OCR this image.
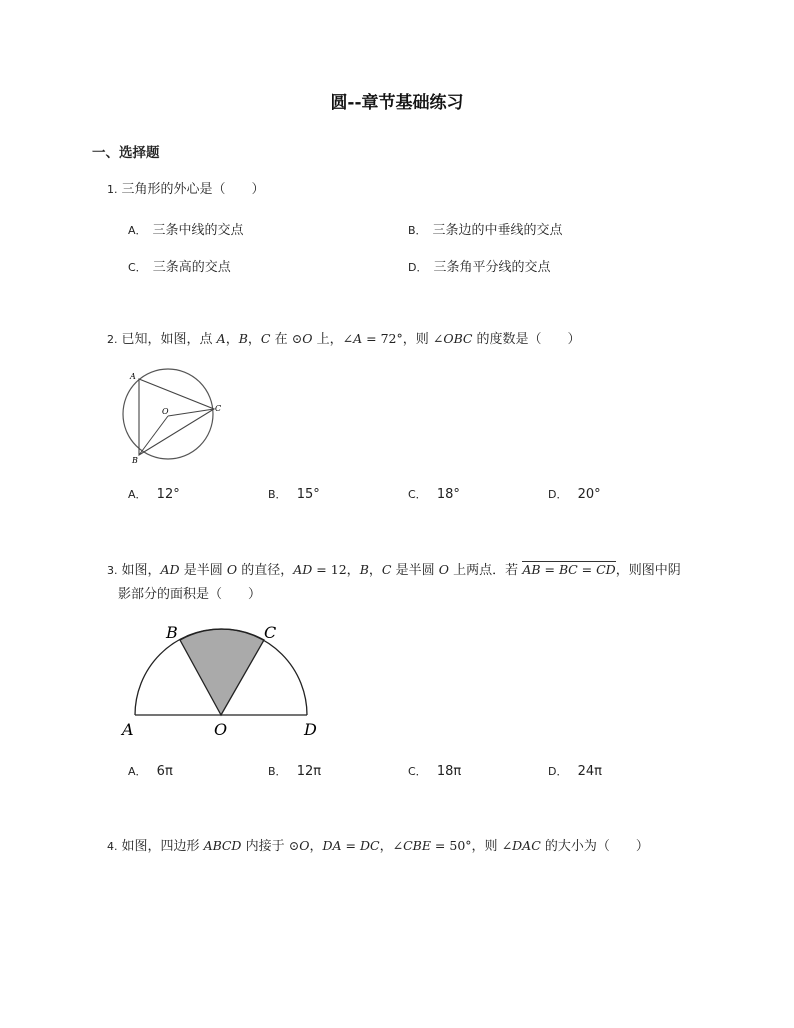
圆--章节基础练习
一、选择题
1. 三角形的外心是（　　）
A． 三条中线的交点	B． 三条边的中垂线的交点
C． 三条高的交点	D． 三条角平分线的交点
2. 已知，如图，点 A，B，C 在 ⊙𝑂 上，∠𝐴 = 72°，则 ∠𝑂𝐵𝐶 的度数是（　　）
A
O	C
B
A． 12°	B． 15°	C． 18°	D． 20°
3. 如图，𝐴𝐷 是半圆 𝑂 的直径，𝐴𝐷 = 12，𝐵，𝐶 是半圆 𝑂 上两点．若 𝐴𝐵 = 𝐵𝐶 = 𝐶𝐷，则图中阴
影部分的面积是（　　）
B	C
A	O	D
A． 6π	B． 12π	C． 18π	D． 24π
4. 如图，四边形 𝐴𝐵𝐶𝐷 内接于 ⊙𝑂，𝐷𝐴 = 𝐷𝐶，∠𝐶𝐵𝐸 = 50°，则 ∠𝐷𝐴𝐶 的大小为（　　）
